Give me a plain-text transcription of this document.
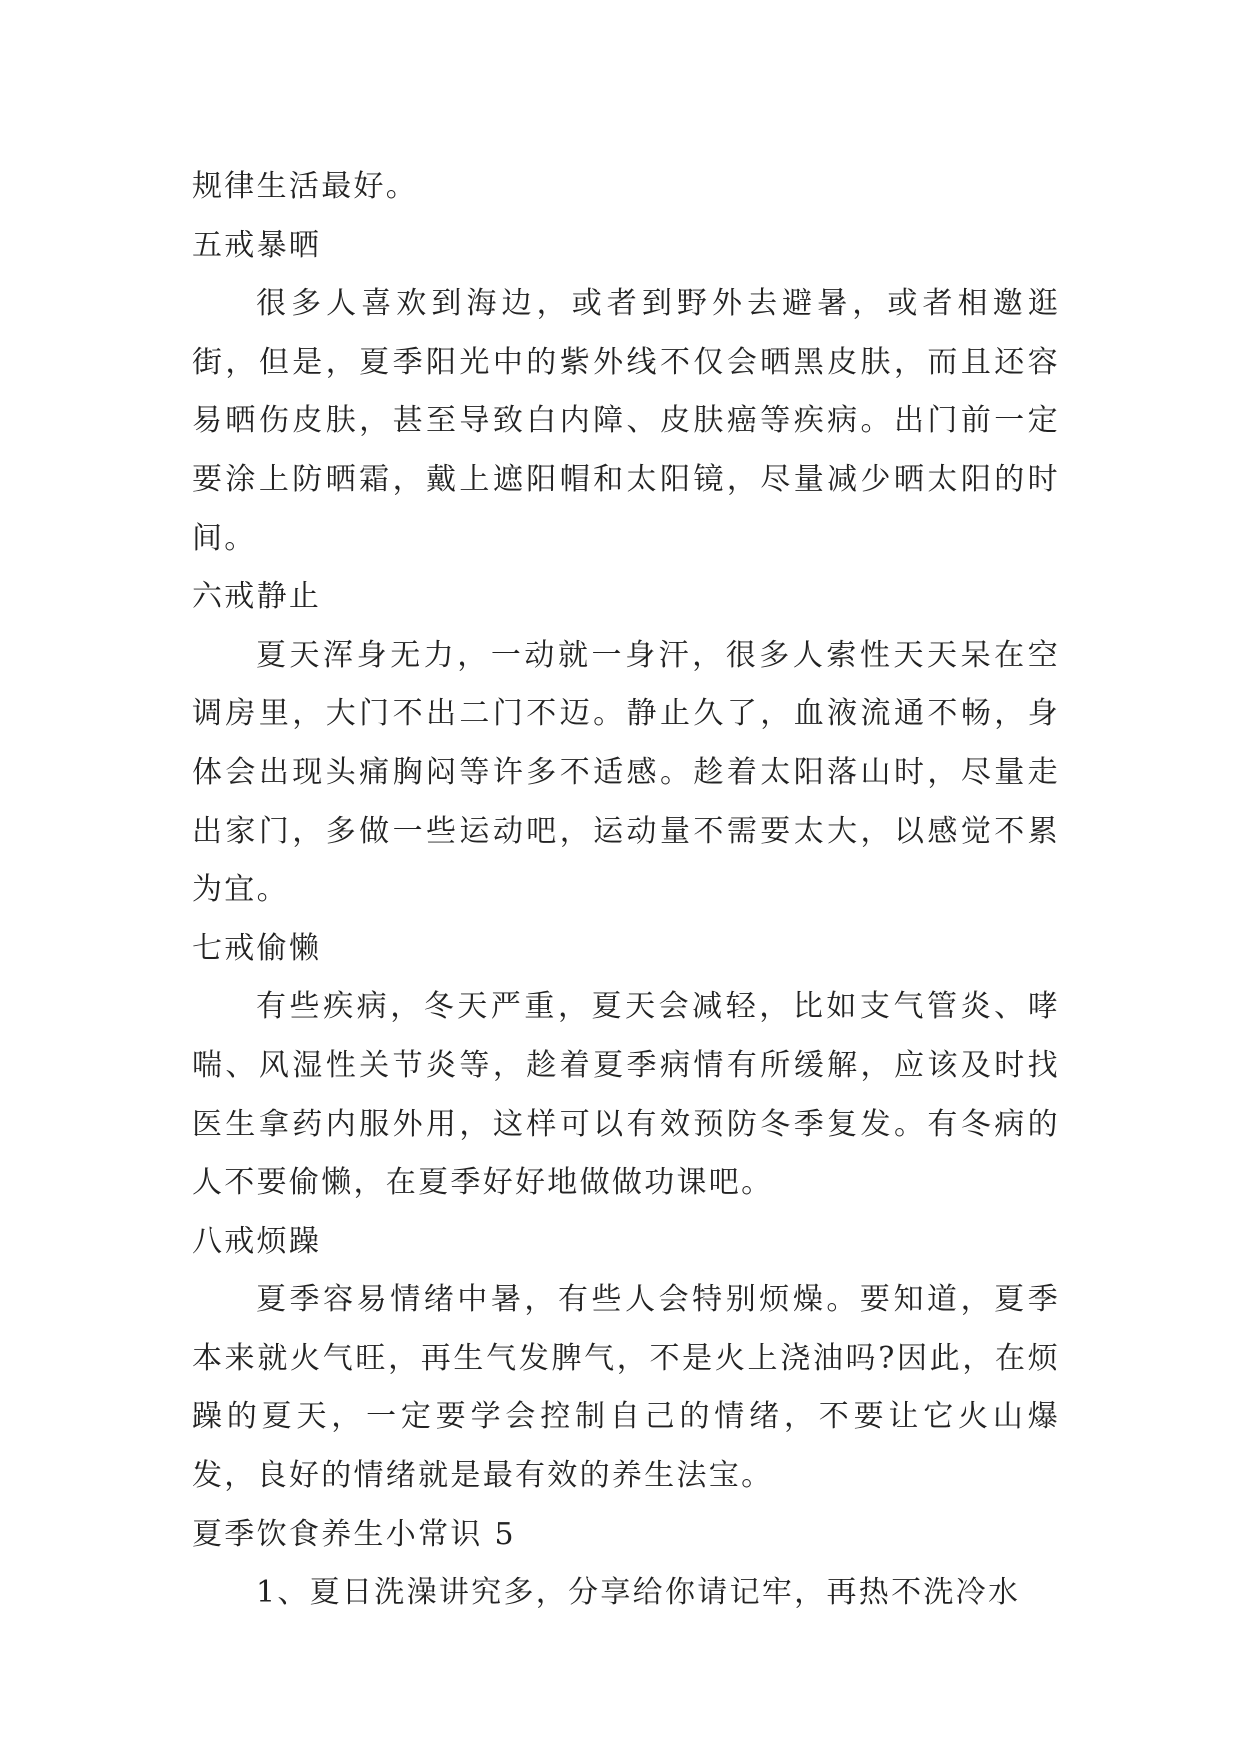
规律生活最好。

五戒暴晒

很多人喜欢到海边，或者到野外去避暑，或者相邀逛街，但是，夏季阳光中的紫外线不仅会晒黑皮肤，而且还容易晒伤皮肤，甚至导致白内障、皮肤癌等疾病。出门前一定要涂上防晒霜，戴上遮阳帽和太阳镜，尽量减少晒太阳的时间。

六戒静止

夏天浑身无力，一动就一身汗，很多人索性天天呆在空调房里，大门不出二门不迈。静止久了，血液流通不畅，身体会出现头痛胸闷等许多不适感。趁着太阳落山时，尽量走出家门，多做一些运动吧，运动量不需要太大，以感觉不累为宜。

七戒偷懒

有些疾病，冬天严重，夏天会减轻，比如支气管炎、哮喘、风湿性关节炎等，趁着夏季病情有所缓解，应该及时找医生拿药内服外用，这样可以有效预防冬季复发。有冬病的人不要偷懒，在夏季好好地做做功课吧。

八戒烦躁

夏季容易情绪中暑，有些人会特别烦燥。要知道，夏季本来就火气旺，再生气发脾气，不是火上浇油吗?因此，在烦躁的夏天，一定要学会控制自己的情绪，不要让它火山爆发，良好的情绪就是最有效的养生法宝。

夏季饮食养生小常识 5

1、夏日洗澡讲究多，分享给你请记牢，再热不洗冷水
